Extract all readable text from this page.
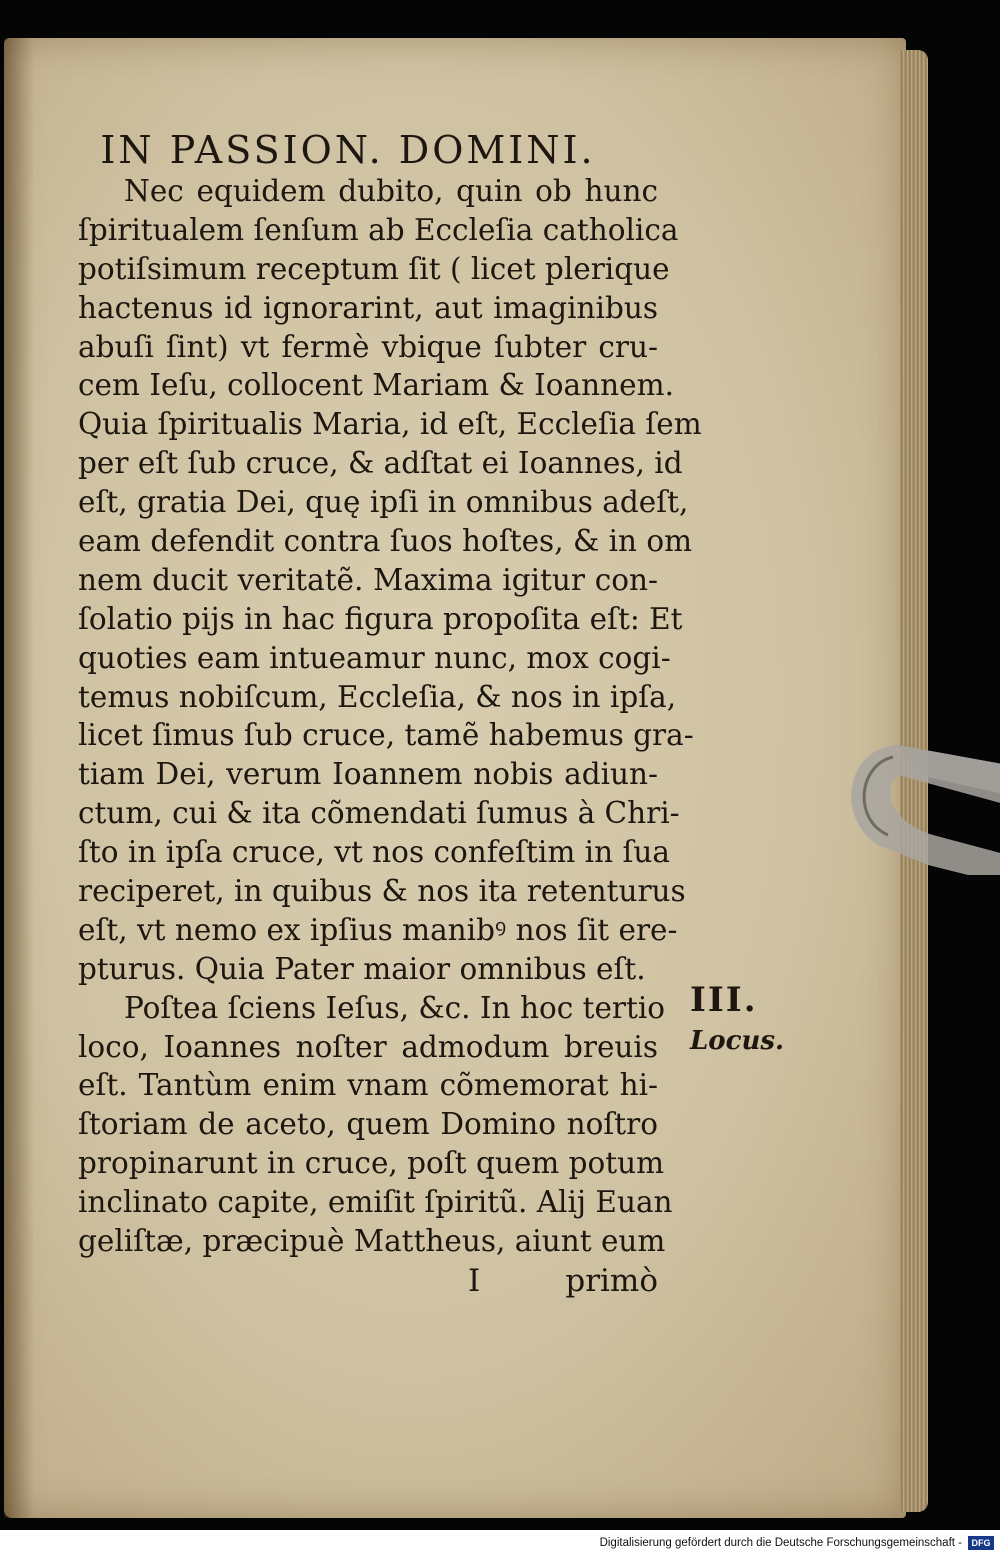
IN PASSION. DOMINI.
Nec equidem dubito, quin ob hunc
ſpiritualem ſenſum ab Eccleſia catholica
potiſsimum receptum ſit ( licet plerique
hactenus id ignorarint, aut imaginibus
abuſi ſint) vt fermè vbique ſubter cru-
cem Ieſu, collocent Mariam & Ioannem.
Quia ſpiritualis Maria, id eſt, Eccleſia ſem
per eſt ſub cruce, & adſtat ei Ioannes, id
eſt, gratia Dei, quę ipſi in omnibus adeſt,
eam defendit contra ſuos hoſtes, & in om
nem ducit veritatẽ. Maxima igitur con-
ſolatio pijs in hac figura propoſita eſt: Et
quoties eam intueamur nunc, mox cogi-
temus nobiſcum, Eccleſia, & nos in ipſa,
licet ſimus ſub cruce, tamẽ habemus gra-
tiam Dei, verum Ioannem nobis adiun-
ctum, cui & ita cõmendati ſumus à Chri-
ſto in ipſa cruce, vt nos confeſtim in ſua
reciperet, in quibus & nos ita retenturus
eſt, vt nemo ex ipſius manibꝰ nos ſit ere-
pturus. Quia Pater maior omnibus eſt.
Poſtea ſciens Ieſus, &c. In hoc tertio
loco, Ioannes noſter admodum breuis
eſt. Tantùm enim vnam cõmemorat hi-
ſtoriam de aceto, quem Domino noſtro
propinarunt in cruce, poſt quem potum
inclinato capite, emiſit ſpiritũ. Alij Euan
geliſtæ, præcipuè Mattheus, aiunt eum
I	primò
III.
Locus.
Digitalisierung gefördert durch die Deutsche Forschungsgemeinschaft -	DFG
